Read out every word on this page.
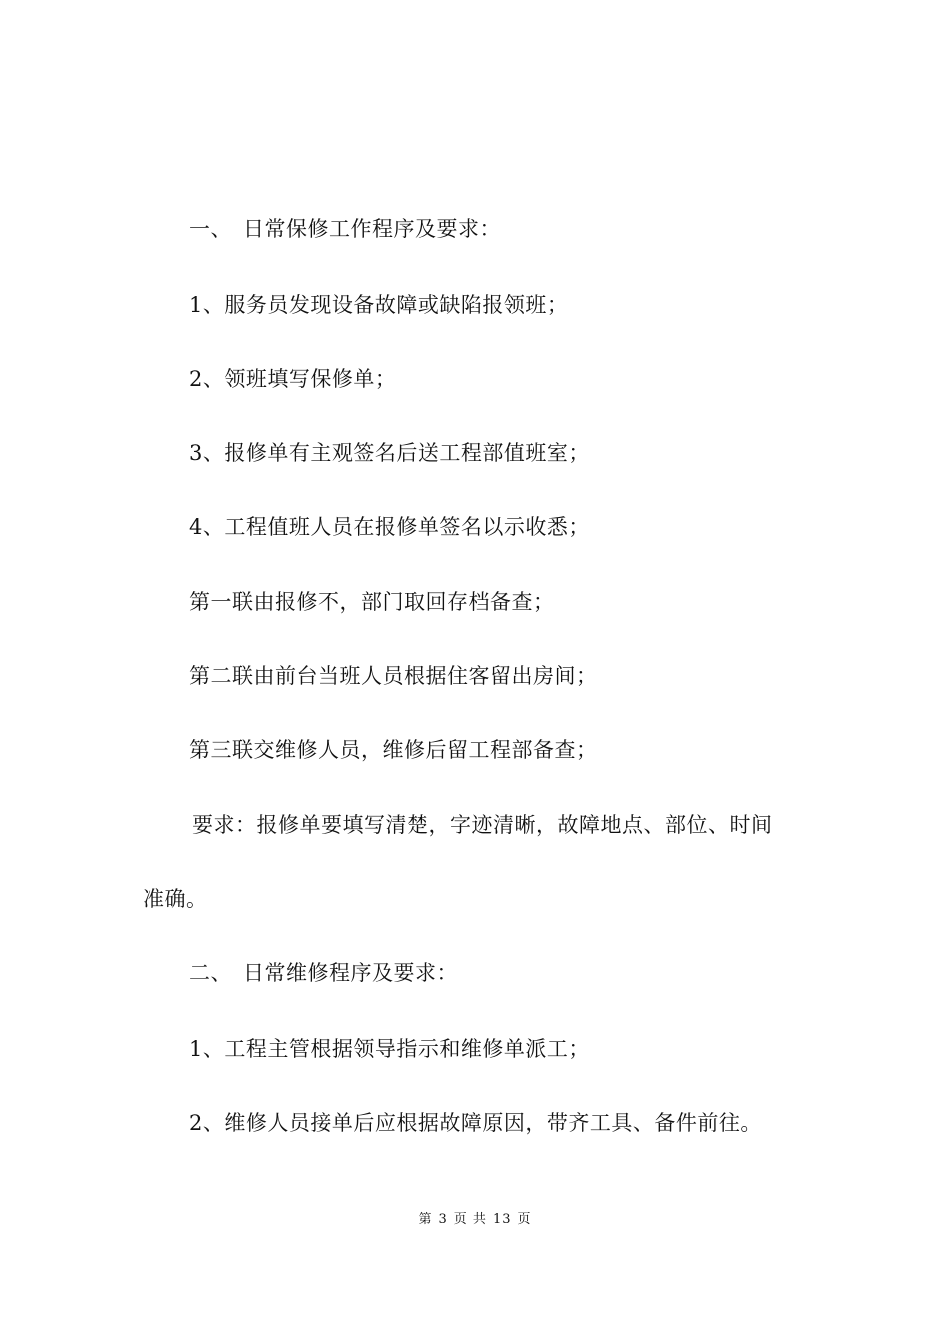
一、　日常保修工作程序及要求：
1、服务员发现设备故障或缺陷报领班；
2、领班填写保修单；
3、报修单有主观签名后送工程部值班室；
4、工程值班人员在报修单签名以示收悉；
第一联由报修不，部门取回存档备查；
第二联由前台当班人员根据住客留出房间；
第三联交维修人员，维修后留工程部备查；
要求：报修单要填写清楚，字迹清晰，故障地点、部位、时间
准确。
二、　日常维修程序及要求：
1、工程主管根据领导指示和维修单派工；
2、维修人员接单后应根据故障原因，带齐工具、备件前往。
第 3 页 共 13 页
